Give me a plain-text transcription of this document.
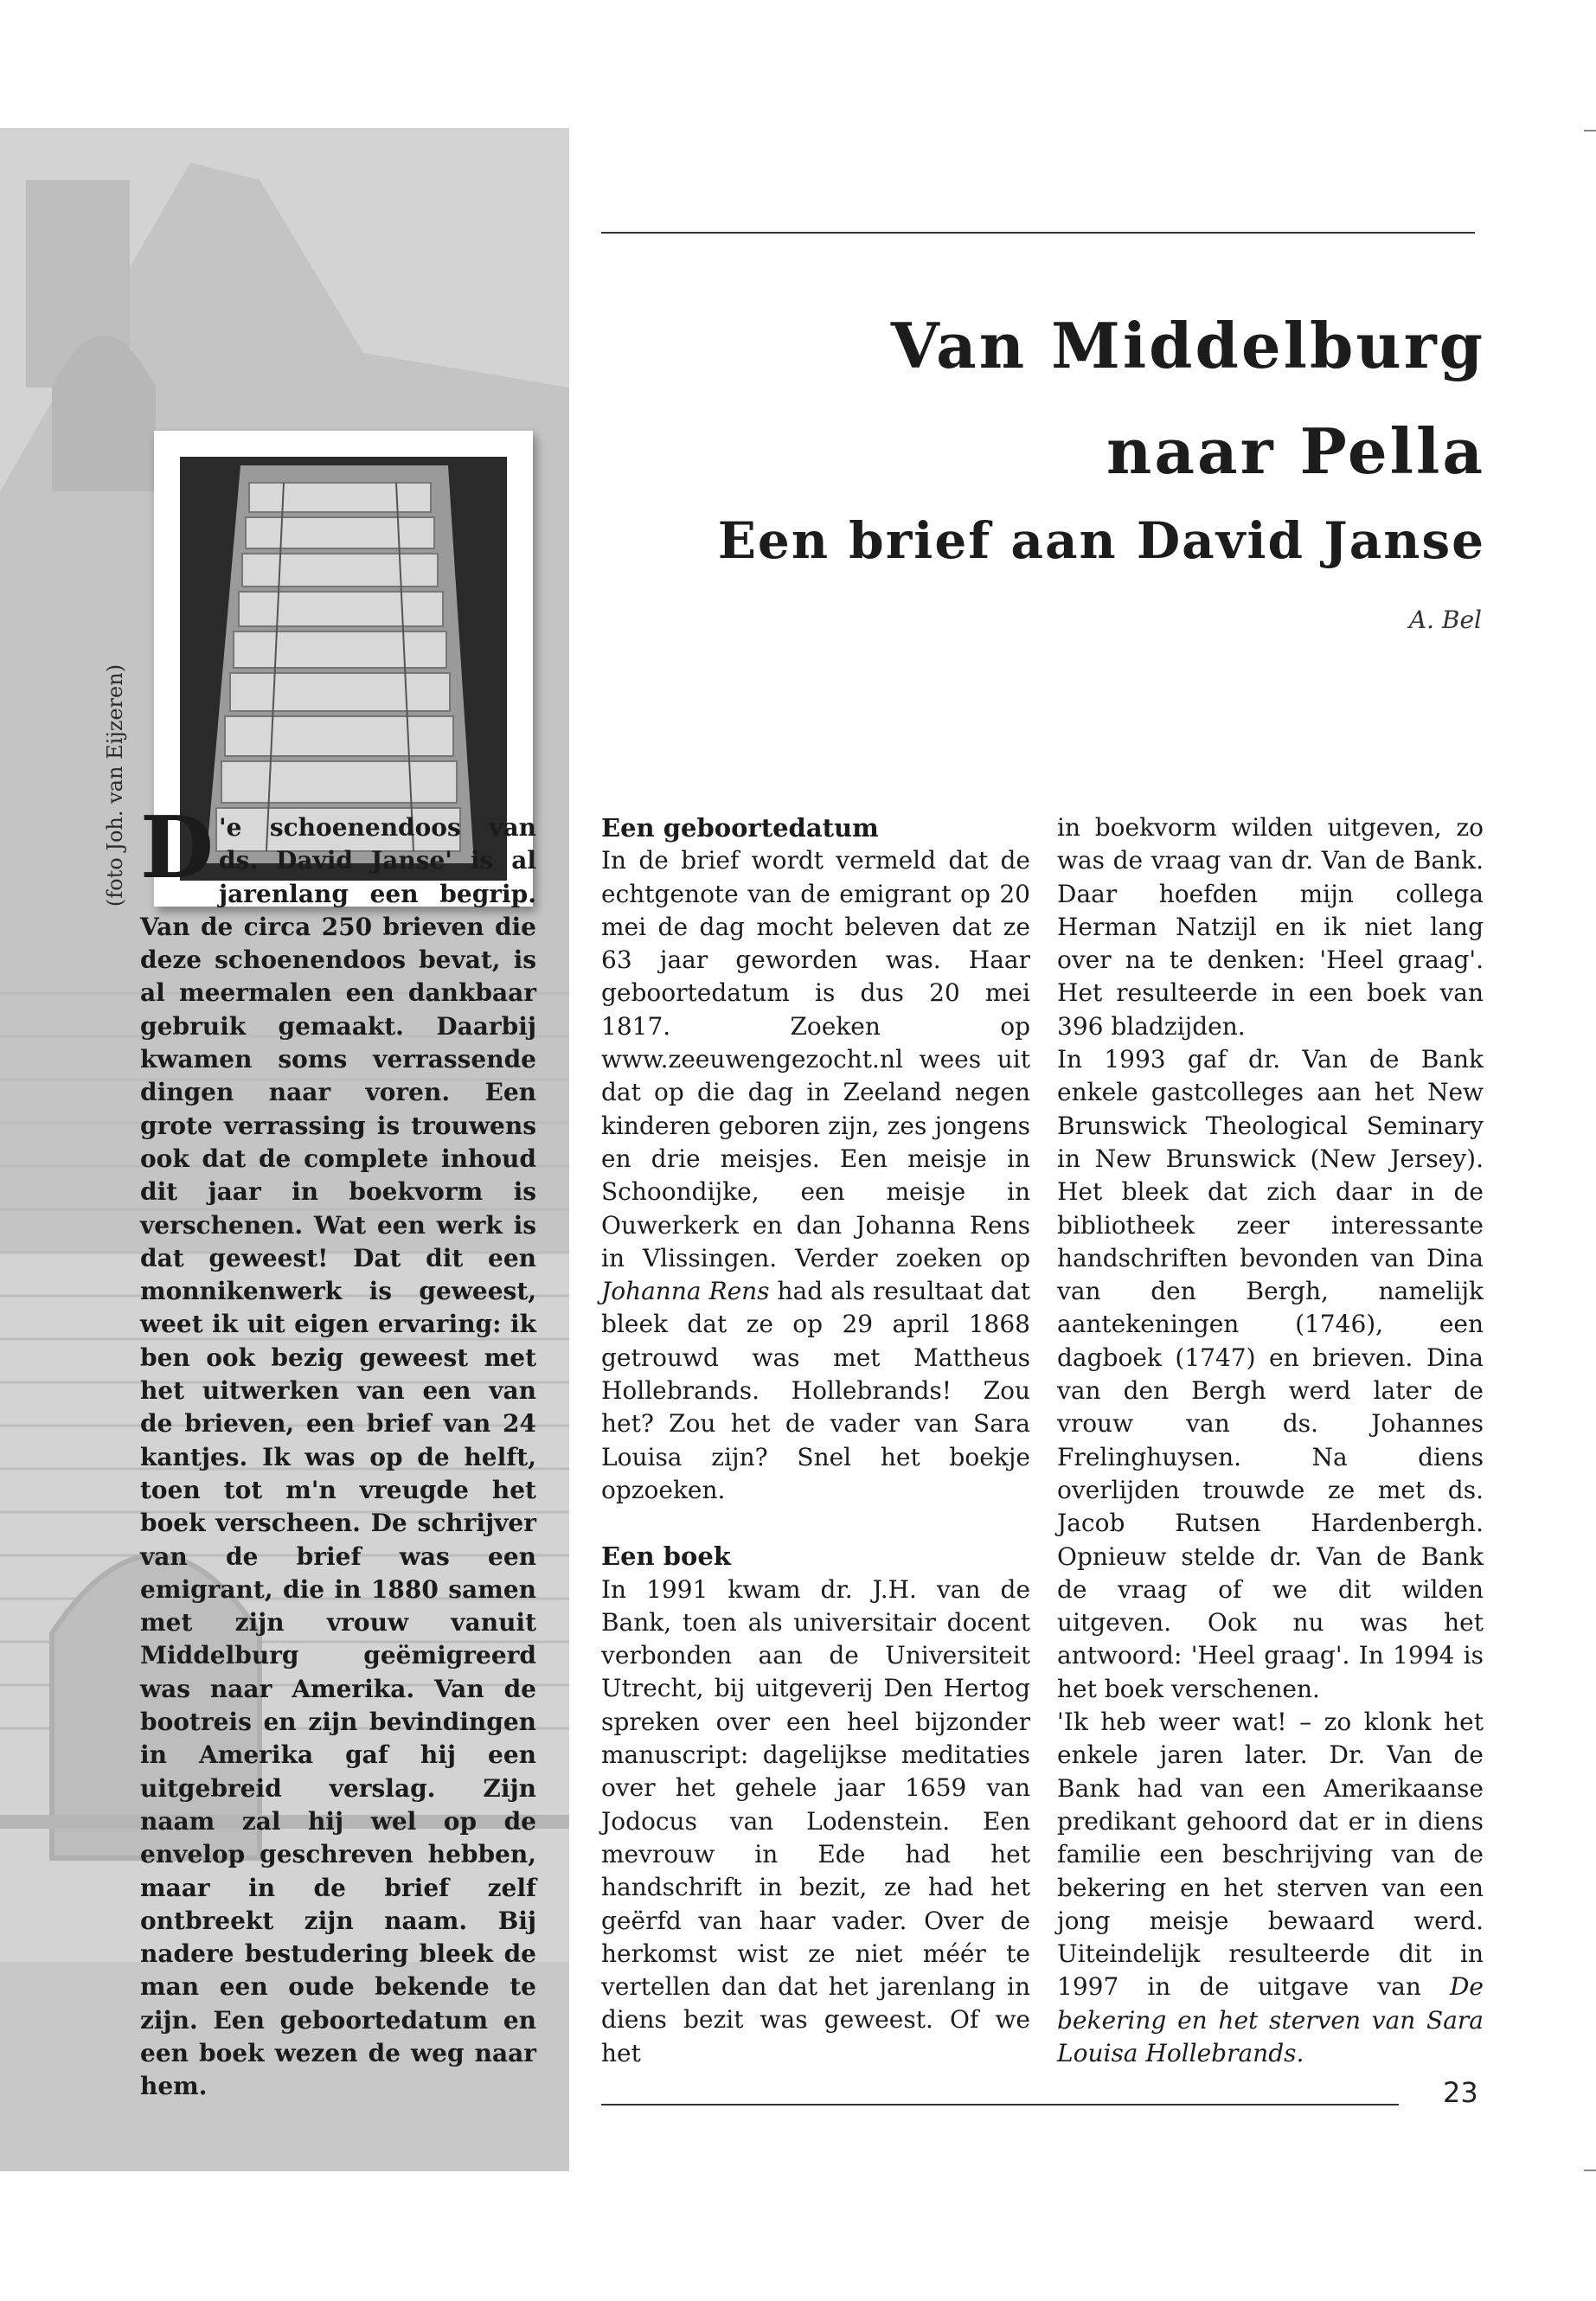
(foto Joh. van Eijzeren)
Van Middelburg
naar Pella
Een brief aan David Janse
A. Bel

'
D e schoenendoos van ds. David Janse' is al jarenlang een begrip. Van de circa 250 brieven die deze schoenendoos bevat, is al meermalen een dankbaar gebruik gemaakt. Daarbij kwamen soms verrassende dingen naar voren. Een grote verrassing is trouwens ook dat de complete inhoud dit jaar in boekvorm is verschenen. Wat een werk is dat geweest! Dat dit een monnikenwerk is geweest, weet ik uit eigen ervaring: ik ben ook bezig geweest met het uitwerken van een van de brieven, een brief van 24 kantjes. Ik was op de helft, toen tot m'n vreugde het boek verscheen. De schrijver van de brief was een emigrant, die in 1880 samen met zijn vrouw vanuit Middelburg geëmigreerd was naar Amerika. Van de bootreis en zijn bevindingen in Amerika gaf hij een uitgebreid verslag. Zijn naam zal hij wel op de envelop geschreven hebben, maar in de brief zelf ontbreekt zijn naam. Bij nadere bestudering bleek de man een oude bekende te zijn. Een geboortedatum en een boek wezen de weg naar hem.

Een geboortedatum

In de brief wordt vermeld dat de echtgenote van de emigrant op 20 mei de dag mocht beleven dat ze 63 jaar geworden was. Haar geboortedatum is dus 20 mei 1817. Zoeken op www.zeeuwengezocht.nl wees uit dat op die dag in Zeeland negen kinderen geboren zijn, zes jongens en drie meisjes. Een meisje in Schoondijke, een meisje in Ouwerkerk en dan Johanna Rens in Vlissingen. Verder zoeken op Johanna Rens had als resultaat dat bleek dat ze op 29 april 1868 getrouwd was met Mattheus Hollebrands. Hollebrands! Zou het? Zou het de vader van Sara Louisa zijn? Snel het boekje opzoeken.

Een boek

In 1991 kwam dr. J.H. van de Bank, toen als universitair docent verbonden aan de Universiteit Utrecht, bij uitgeverij Den Hertog spreken over een heel bijzonder manuscript: dagelijkse meditaties over het gehele jaar 1659 van Jodocus van Lodenstein. Een mevrouw in Ede had het handschrift in bezit, ze had het geërfd van haar vader. Over de herkomst wist ze niet méér te vertellen dan dat het jarenlang in diens bezit was geweest. Of we het

in boekvorm wilden uitgeven, zo was de vraag van dr. Van de Bank. Daar hoefden mijn collega Herman Natzijl en ik niet lang over na te denken: 'Heel graag'. Het resulteerde in een boek van 396 bladzijden.

In 1993 gaf dr. Van de Bank enkele gastcolleges aan het New Brunswick Theological Seminary in New Brunswick (New Jersey). Het bleek dat zich daar in de bibliotheek zeer interessante handschriften bevonden van Dina van den Bergh, namelijk aantekeningen (1746), een dagboek (1747) en brieven. Dina van den Bergh werd later de vrouw van ds. Johannes Frelinghuysen. Na diens overlijden trouwde ze met ds. Jacob Rutsen Hardenbergh. Opnieuw stelde dr. Van de Bank de vraag of we dit wilden uitgeven. Ook nu was het antwoord: 'Heel graag'. In 1994 is het boek verschenen.

'Ik heb weer wat! – zo klonk het enkele jaren later. Dr. Van de Bank had van een Amerikaanse predikant gehoord dat er in diens familie een beschrijving van de bekering en het sterven van een jong meisje bewaard werd. Uiteindelijk resulteerde dit in 1997 in de uitgave van De bekering en het sterven van Sara Louisa Hollebrands.

23
